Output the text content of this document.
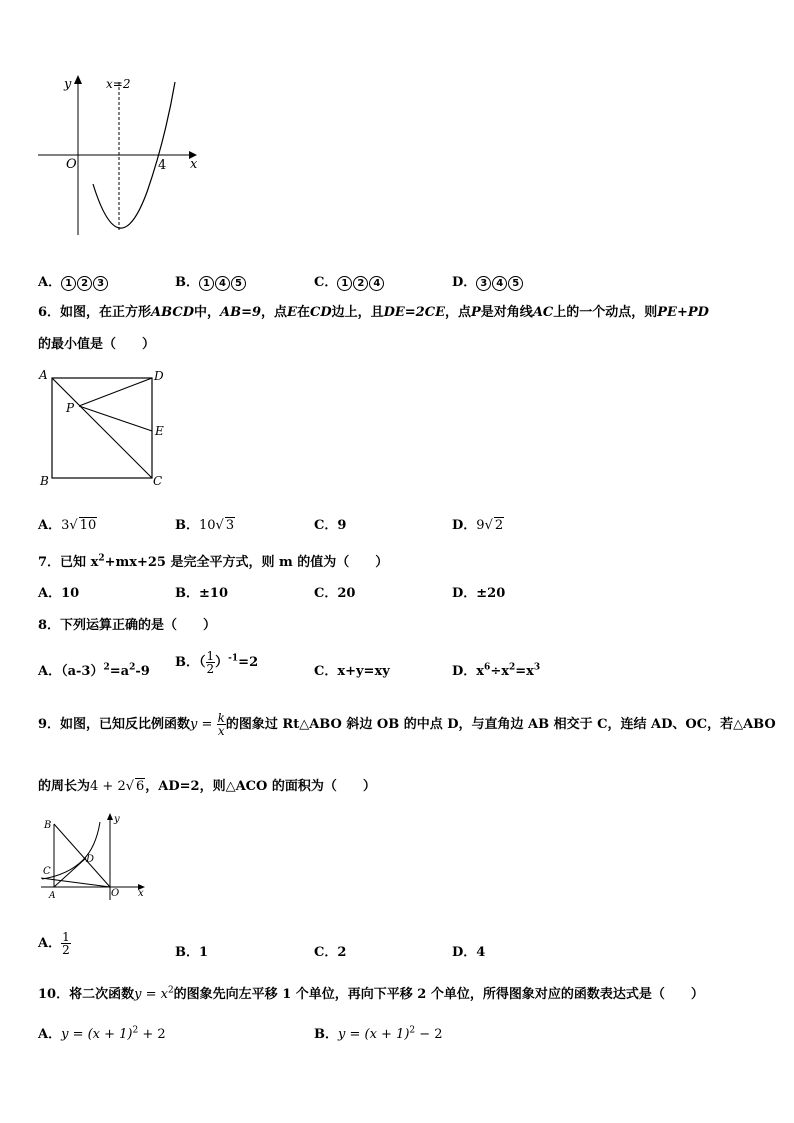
y	x=2
O	4 x
A． 1 2 3	B． 1 4 5	C． 1 2 4	D． 3 4 5
6．如图，在正方形ABCD中，AB=9，点E在CD边上，且DE=2CE，点P是对角线AC上的一个动点，则PE+PD
的最小值是（　　）
A	D
P
E
B	C
A．3√ 10	B．10√ 3	C．9	D．9√ 2
7．已知 $x^2+mx+25$ 是完全平方式，则 m 的值为（　　）
A．10	B．±10	C．20	D．±20
8．下列运算正确的是（　　）
A．$(a-3)^2=a^2-9$
B．（ $\frac{1}{2} )^{-1}=2$
C．x+y=xy	D．$x^6\div x^2=x^3$
9．如图，已知反比例函数$y = \frac{k}{x}$ 的图象过 Rt△ABO 斜边 OB 的中点 D，与直角边 AB 相交于 C，连结 AD、OC，若△ABO
的周长为4 + 2√ 6，AD=2，则△ACO 的面积为（　　）
B
y
D
C
A	O x
A． $\frac{1}{2}$	B．1	C．2	D．4
10．将二次函数$y = x^2$的图象先向左平移 1 个单位，再向下平移 2 个单位，所得图象对应的函数表达式是（　　）
A．$y = (x + 1)^2 + 2$	B．$y = (x + 1)^2 - 2$
